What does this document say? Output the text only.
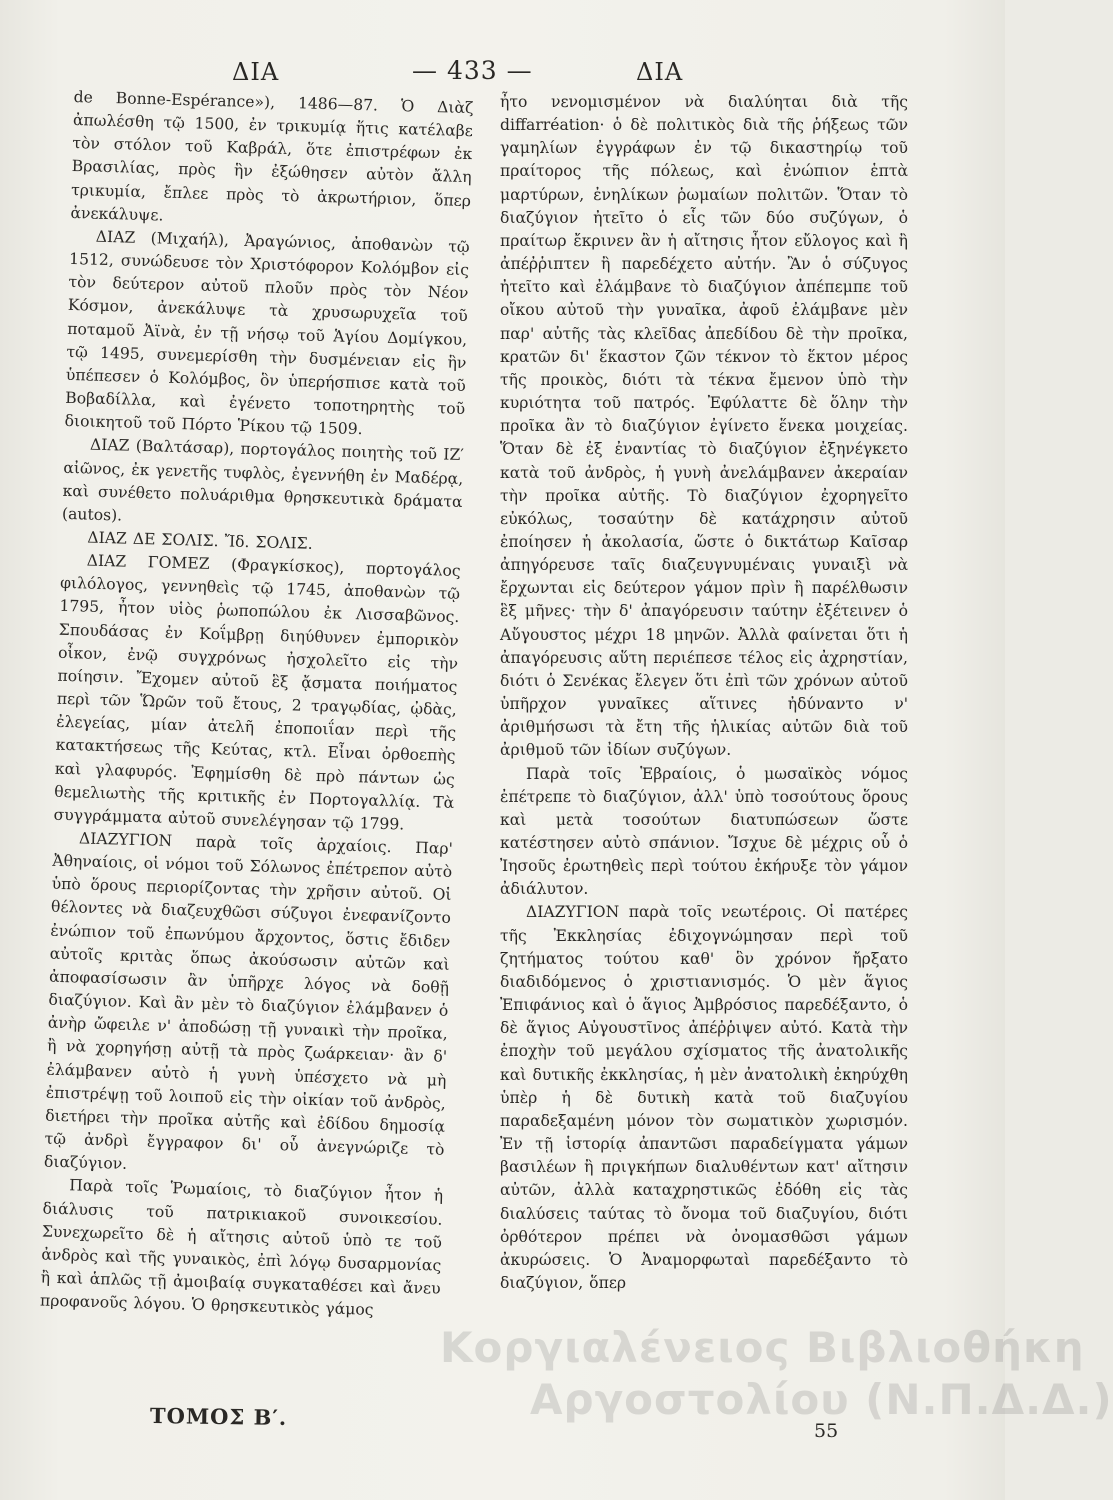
ΔΙΑ	— 433 —	ΔΙΑ

de Bonne-Espérance»), 1486—87. Ὁ Διὰζ ἀπωλέσθη τῷ 1500, ἐν τρικυμίᾳ ἥτις κατέλαβε τὸν στόλον τοῦ Καβράλ, ὅτε ἐπιστρέφων ἐκ Βρασιλίας, πρὸς ἣν ἐξώθησεν αὐτὸν ἄλλη τρικυμία, ἔπλεε πρὸς τὸ ἀκρωτήριον, ὅπερ ἀνεκάλυψε.

ΔΙΑΖ (Μιχαήλ), Ἀραγώνιος, ἀποθανὼν τῷ 1512, συνώδευσε τὸν Χριστόφορον Κολόμβον εἰς τὸν δεύτερον αὐτοῦ πλοῦν πρὸς τὸν Νέον Κόσμον, ἀνεκάλυψε τὰ χρυσωρυχεῖα τοῦ ποταμοῦ Ἀϊνὰ, ἐν τῇ νήσῳ τοῦ Ἁγίου Δομίγκου, τῷ 1495, συνεμερίσθη τὴν δυσμένειαν εἰς ἣν ὑπέπεσεν ὁ Κολόμβος, ὃν ὑπερήσπισε κατὰ τοῦ Βοβαδίλλα, καὶ ἐγένετο τοποτηρητὴς τοῦ διοικητοῦ τοῦ Πόρτο Ῥίκου τῷ 1509.

ΔΙΑΖ (Βαλτάσαρ), πορτογάλος ποιητὴς τοῦ ΙΖ′ αἰῶνος, ἐκ γενετῆς τυφλὸς, ἐγεννήθη ἐν Μαδέρᾳ, καὶ συνέθετο πολυάριθμα θρησκευτικὰ δράματα (autos).

ΔΙΑΖ ΔΕ ΣΟΛΙΣ. Ἴδ. ΣΟΛΙΣ.

ΔΙΑΖ ΓΟΜΕΖ (Φραγκίσκος), πορτογάλος φιλόλογος, γεννηθεὶς τῷ 1745, ἀποθανὼν τῷ 1795, ἦτον υἱὸς ῥωποπώλου ἐκ Λισσαβῶνος. Σπουδάσας ἐν Κοΐμβρῃ διηύθυνεν ἐμπορικὸν οἶκον, ἐνῷ συγχρόνως ἠσχολεῖτο εἰς τὴν ποίησιν. Ἔχομεν αὐτοῦ ἓξ ᾄσματα ποιήματος περὶ τῶν Ὥρῶν τοῦ ἔτους, 2 τραγῳδίας, ᾠδὰς, ἐλεγείας, μίαν ἀτελῆ ἐποποιΐαν περὶ τῆς κατακτήσεως τῆς Κεύτας, κτλ. Εἶναι ὀρθοεπὴς καὶ γλαφυρός. Ἐφημίσθη δὲ πρὸ πάντων ὡς θεμελιωτὴς τῆς κριτικῆς ἐν Πορτογαλλίᾳ. Τὰ συγγράμματα αὐτοῦ συνελέγησαν τῷ 1799.

ΔΙΑΖΥΓΙΟΝ παρὰ τοῖς ἀρχαίοις. Παρ' Ἀθηναίοις, οἱ νόμοι τοῦ Σόλωνος ἐπέτρεπον αὐτὸ ὑπὸ ὅρους περιορίζοντας τὴν χρῆσιν αὐτοῦ. Οἱ θέλοντες νὰ διαζευχθῶσι σύζυγοι ἐνεφανίζοντο ἐνώπιον τοῦ ἐπωνύμου ἄρχοντος, ὅστις ἔδιδεν αὐτοῖς κριτὰς ὅπως ἀκούσωσιν αὐτῶν καὶ ἀποφασίσωσιν ἂν ὑπῆρχε λόγος νὰ δοθῇ διαζύγιον. Καὶ ἂν μὲν τὸ διαζύγιον ἐλάμβανεν ὁ ἀνὴρ ὤφειλε ν' ἀποδώσῃ τῇ γυναικὶ τὴν προῖκα, ἢ νὰ χορηγήσῃ αὐτῇ τὰ πρὸς ζωάρκειαν· ἂν δ' ἐλάμβανεν αὐτὸ ἡ γυνὴ ὑπέσχετο νὰ μὴ ἐπιστρέψῃ τοῦ λοιποῦ εἰς τὴν οἰκίαν τοῦ ἀνδρὸς, διετήρει τὴν προῖκα αὐτῆς καὶ ἐδίδου δημοσίᾳ τῷ ἀνδρὶ ἔγγραφον δι' οὗ ἀνεγνώριζε τὸ διαζύγιον.

Παρὰ τοῖς Ῥωμαίοις, τὸ διαζύγιον ἦτον ἡ διάλυσις τοῦ πατρικιακοῦ συνοικεσίου. Συνεχωρεῖτο δὲ ἡ αἴτησις αὐτοῦ ὑπὸ τε τοῦ ἀνδρὸς καὶ τῆς γυναικὸς, ἐπὶ λόγῳ δυσαρμονίας ἢ καὶ ἁπλῶς τῇ ἀμοιβαίᾳ συγκαταθέσει καὶ ἄνευ προφανοῦς λόγου. Ὁ θρησκευτικὸς γάμος

ἦτο νενομισμένον νὰ διαλύηται διὰ τῆς diffarréation· ὁ δὲ πολιτικὸς διὰ τῆς ῥήξεως τῶν γαμηλίων ἐγγράφων ἐν τῷ δικαστηρίῳ τοῦ πραίτορος τῆς πόλεως, καὶ ἐνώπιον ἑπτὰ μαρτύρων, ἐνηλίκων ῥωμαίων πολιτῶν. Ὅταν τὸ διαζύγιον ἠτεῖτο ὁ εἷς τῶν δύο συζύγων, ὁ πραίτωρ ἔκρινεν ἂν ἡ αἴτησις ἦτον εὔλογος καὶ ἢ ἀπέῤῥιπτεν ἢ παρεδέχετο αὐτήν. Ἂν ὁ σύζυγος ἠτεῖτο καὶ ἐλάμβανε τὸ διαζύγιον ἀπέπεμπε τοῦ οἴκου αὐτοῦ τὴν γυναῖκα, ἀφοῦ ἐλάμβανε μὲν παρ' αὐτῆς τὰς κλεῖδας ἀπεδίδου δὲ τὴν προῖκα, κρατῶν δι' ἕκαστον ζῶν τέκνον τὸ ἕκτον μέρος τῆς προικὸς, διότι τὰ τέκνα ἔμενον ὑπὸ τὴν κυριότητα τοῦ πατρός. Ἐφύλαττε δὲ ὅλην τὴν προῖκα ἂν τὸ διαζύγιον ἐγίνετο ἕνεκα μοιχείας. Ὅταν δὲ ἐξ ἐναντίας τὸ διαζύγιον ἐξηνέγκετο κατὰ τοῦ ἀνδρὸς, ἡ γυνὴ ἀνελάμβανεν ἀκεραίαν τὴν προῖκα αὐτῆς. Τὸ διαζύγιον ἐχορηγεῖτο εὐκόλως, τοσαύτην δὲ κατάχρησιν αὐτοῦ ἐποίησεν ἡ ἀκολασία, ὥστε ὁ δικτάτωρ Καῖσαρ ἀπηγόρευσε ταῖς διαζευγνυμέναις γυναιξὶ νὰ ἔρχωνται εἰς δεύτερον γάμον πρὶν ἢ παρέλθωσιν ἓξ μῆνες· τὴν δ' ἀπαγόρευσιν ταύτην ἐξέτεινεν ὁ Αὔγουστος μέχρι 18 μηνῶν. Ἀλλὰ φαίνεται ὅτι ἡ ἀπαγόρευσις αὕτη περιέπεσε τέλος εἰς ἀχρηστίαν, διότι ὁ Σενέκας ἔλεγεν ὅτι ἐπὶ τῶν χρόνων αὐτοῦ ὑπῆρχον γυναῖκες αἵτινες ἠδύναντο ν' ἀριθμήσωσι τὰ ἔτη τῆς ἡλικίας αὐτῶν διὰ τοῦ ἀριθμοῦ τῶν ἰδίων συζύγων.

Παρὰ τοῖς Ἑβραίοις, ὁ μωσαϊκὸς νόμος ἐπέτρεπε τὸ διαζύγιον, ἀλλ' ὑπὸ τοσούτους ὅρους καὶ μετὰ τοσούτων διατυπώσεων ὥστε κατέστησεν αὐτὸ σπάνιον. Ἴσχυε δὲ μέχρις οὗ ὁ Ἰησοῦς ἐρωτηθεὶς περὶ τούτου ἐκήρυξε τὸν γάμον ἀδιάλυτον.

ΔΙΑΖΥΓΙΟΝ παρὰ τοῖς νεωτέροις. Οἱ πατέρες τῆς Ἐκκλησίας ἐδιχογνώμησαν περὶ τοῦ ζητήματος τούτου καθ' ὃν χρόνον ἤρξατο διαδιδόμενος ὁ χριστιανισμός. Ὁ μὲν ἅγιος Ἐπιφάνιος καὶ ὁ ἅγιος Ἀμβρόσιος παρεδέξαντο, ὁ δὲ ἅγιος Αὐγουστῖνος ἀπέῤῥιψεν αὐτό. Κατὰ τὴν ἐποχὴν τοῦ μεγάλου σχίσματος τῆς ἀνατολικῆς καὶ δυτικῆς ἐκκλησίας, ἡ μὲν ἀνατολικὴ ἐκηρύχθη ὑπὲρ ἡ δὲ δυτικὴ κατὰ τοῦ διαζυγίου παραδεξαμένη μόνον τὸν σωματικὸν χωρισμόν. Ἐν τῇ ἱστορίᾳ ἀπαντῶσι παραδείγματα γάμων βασιλέων ἢ πριγκήπων διαλυθέντων κατ' αἴτησιν αὐτῶν, ἀλλὰ καταχρηστικῶς ἐδόθη εἰς τὰς διαλύσεις ταύτας τὸ ὄνομα τοῦ διαζυγίου, διότι ὀρθότερον πρέπει νὰ ὀνομασθῶσι γάμων ἀκυρώσεις. Ὁ Ἀναμορφωταὶ παρεδέξαντο τὸ διαζύγιον, ὅπερ

Κοργιαλένειος Βιβλιοθήκη
Αργοστολίου (Ν.Π.Δ.Δ.)
ΤΟΜΟΣ Β′.
55
